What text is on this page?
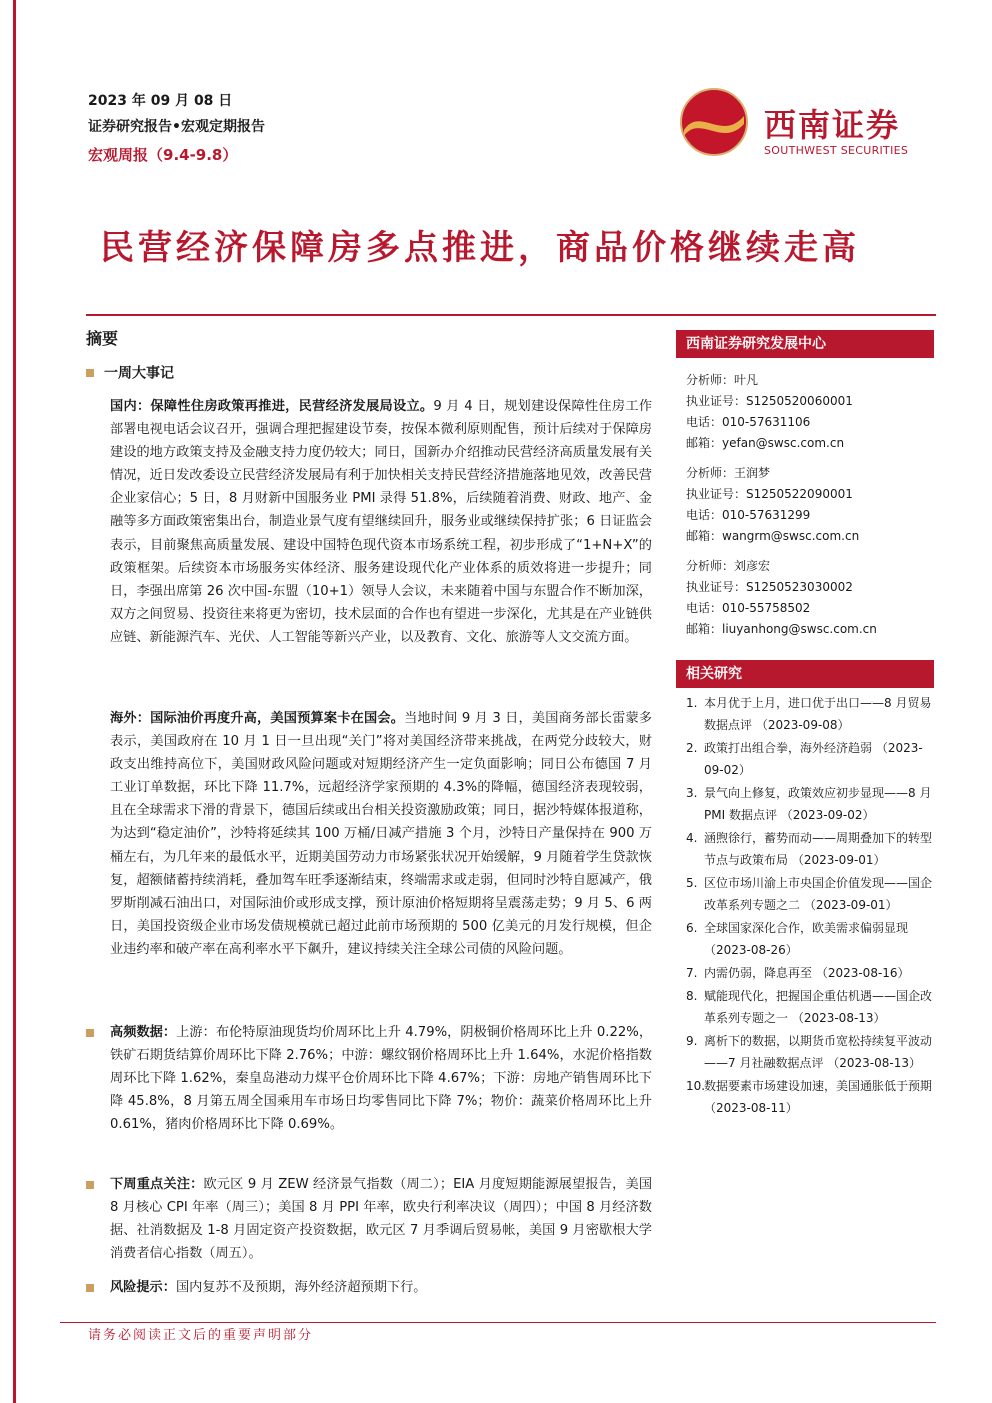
2023 年 09 月 08 日
证券研究报告•宏观定期报告
宏观周报（9.4-9.8）
西南证券
SOUTHWEST SECURITIES
民营经济保障房多点推进，商品价格继续走高
摘要
一周大事记

国内：保障性住房政策再推进，民营经济发展局设立。9 月 4 日，规划建设保障性住房工作部署电视电话会议召开，强调合理把握建设节奏，按保本微利原则配售，预计后续对于保障房建设的地方政策支持及金融支持力度仍较大；同日，国新办介绍推动民营经济高质量发展有关情况，近日发改委设立民营经济发展局有利于加快相关支持民营经济措施落地见效，改善民营企业家信心；5 日，8 月财新中国服务业 PMI 录得 51.8%，后续随着消费、财政、地产、金融等多方面政策密集出台，制造业景气度有望继续回升，服务业或继续保持扩张；6 日证监会表示，目前聚焦高质量发展、建设中国特色现代资本市场系统工程，初步形成了“1+N+X”的政策框架。后续资本市场服务实体经济、服务建设现代化产业体系的质效将进一步提升；同日，李强出席第 26 次中国-东盟（10+1）领导人会议，未来随着中国与东盟合作不断加深，双方之间贸易、投资往来将更为密切，技术层面的合作也有望进一步深化，尤其是在产业链供应链、新能源汽车、光伏、人工智能等新兴产业，以及教育、文化、旅游等人文交流方面。

海外：国际油价再度升高，美国预算案卡在国会。当地时间 9 月 3 日，美国商务部长雷蒙多表示，美国政府在 10 月 1 日一旦出现“关门”将对美国经济带来挑战，在两党分歧较大，财政支出维持高位下，美国财政风险问题或对短期经济产生一定负面影响；同日公布德国 7 月工业订单数据，环比下降 11.7%，远超经济学家预期的 4.3%的降幅，德国经济表现较弱，且在全球需求下滑的背景下，德国后续或出台相关投资激励政策；同日，据沙特媒体报道称，为达到“稳定油价”，沙特将延续其 100 万桶/日减产措施 3 个月，沙特日产量保持在 900 万桶左右，为几年来的最低水平，近期美国劳动力市场紧张状况开始缓解，9 月随着学生贷款恢复，超额储蓄持续消耗，叠加驾车旺季逐渐结束，终端需求或走弱，但同时沙特自愿减产，俄罗斯削减石油出口，对国际油价或形成支撑，预计原油价格短期将呈震荡走势；9 月 5、6 两日，美国投资级企业市场发债规模就已超过此前市场预期的 500 亿美元的月发行规模，但企业违约率和破产率在高利率水平下飙升，建议持续关注全球公司债的风险问题。

高频数据：上游：布伦特原油现货均价周环比上升 4.79%，阴极铜价格周环比上升 0.22%，铁矿石期货结算价周环比下降 2.76%；中游：螺纹钢价格周环比上升 1.64%，水泥价格指数周环比下降 1.62%，秦皇岛港动力煤平仓价周环比下降 4.67%；下游：房地产销售周环比下降 45.8%，8 月第五周全国乘用车市场日均零售同比下降 7%；物价：蔬菜价格周环比上升 0.61%，猪肉价格周环比下降 0.69%。

下周重点关注：欧元区 9 月 ZEW 经济景气指数（周二）；EIA 月度短期能源展望报告，美国 8 月核心 CPI 年率（周三）；美国 8 月 PPI 年率，欧央行利率决议（周四）；中国 8 月经济数据、社消数据及 1-8 月固定资产投资数据，欧元区 7 月季调后贸易帐，美国 9 月密歇根大学消费者信心指数（周五）。

风险提示：国内复苏不及预期，海外经济超预期下行。

西南证券研究发展中心
分析师：叶凡
执业证号：S1250520060001
电话：010-57631106
邮箱：yefan@swsc.com.cn
分析师：王润梦
执业证号：S1250522090001
电话：010-57631299
邮箱：wangrm@swsc.com.cn
分析师：刘彦宏
执业证号：S1250523030002
电话：010-55758502
邮箱：liuyanhong@swsc.com.cn
相关研究
1. 本月优于上月，进口优于出口——8 月贸易数据点评 （2023-09-08）
2. 政策打出组合拳，海外经济趋弱 （2023-09-02）
3. 景气向上修复，政策效应初步显现——8 月 PMI 数据点评 （2023-09-02）
4. 涵煦徐行，蓄势而动——周期叠加下的转型节点与政策布局 （2023-09-01）
5. 区位市场川渝上市央国企价值发现——国企改革系列专题之二 （2023-09-01）
6. 全球国家深化合作，欧美需求偏弱显现 （2023-08-26）
7. 内需仍弱，降息再至 （2023-08-16）
8. 赋能现代化，把握国企重估机遇——国企改革系列专题之一 （2023-08-13）
9. 离析下的数据，以期货币宽松持续复平波动——7 月社融数据点评 （2023-08-13）
10.
数据要素市场建设加速，美国通胀低于预期 （2023-08-11）
请务必阅读正文后的重要声明部分
